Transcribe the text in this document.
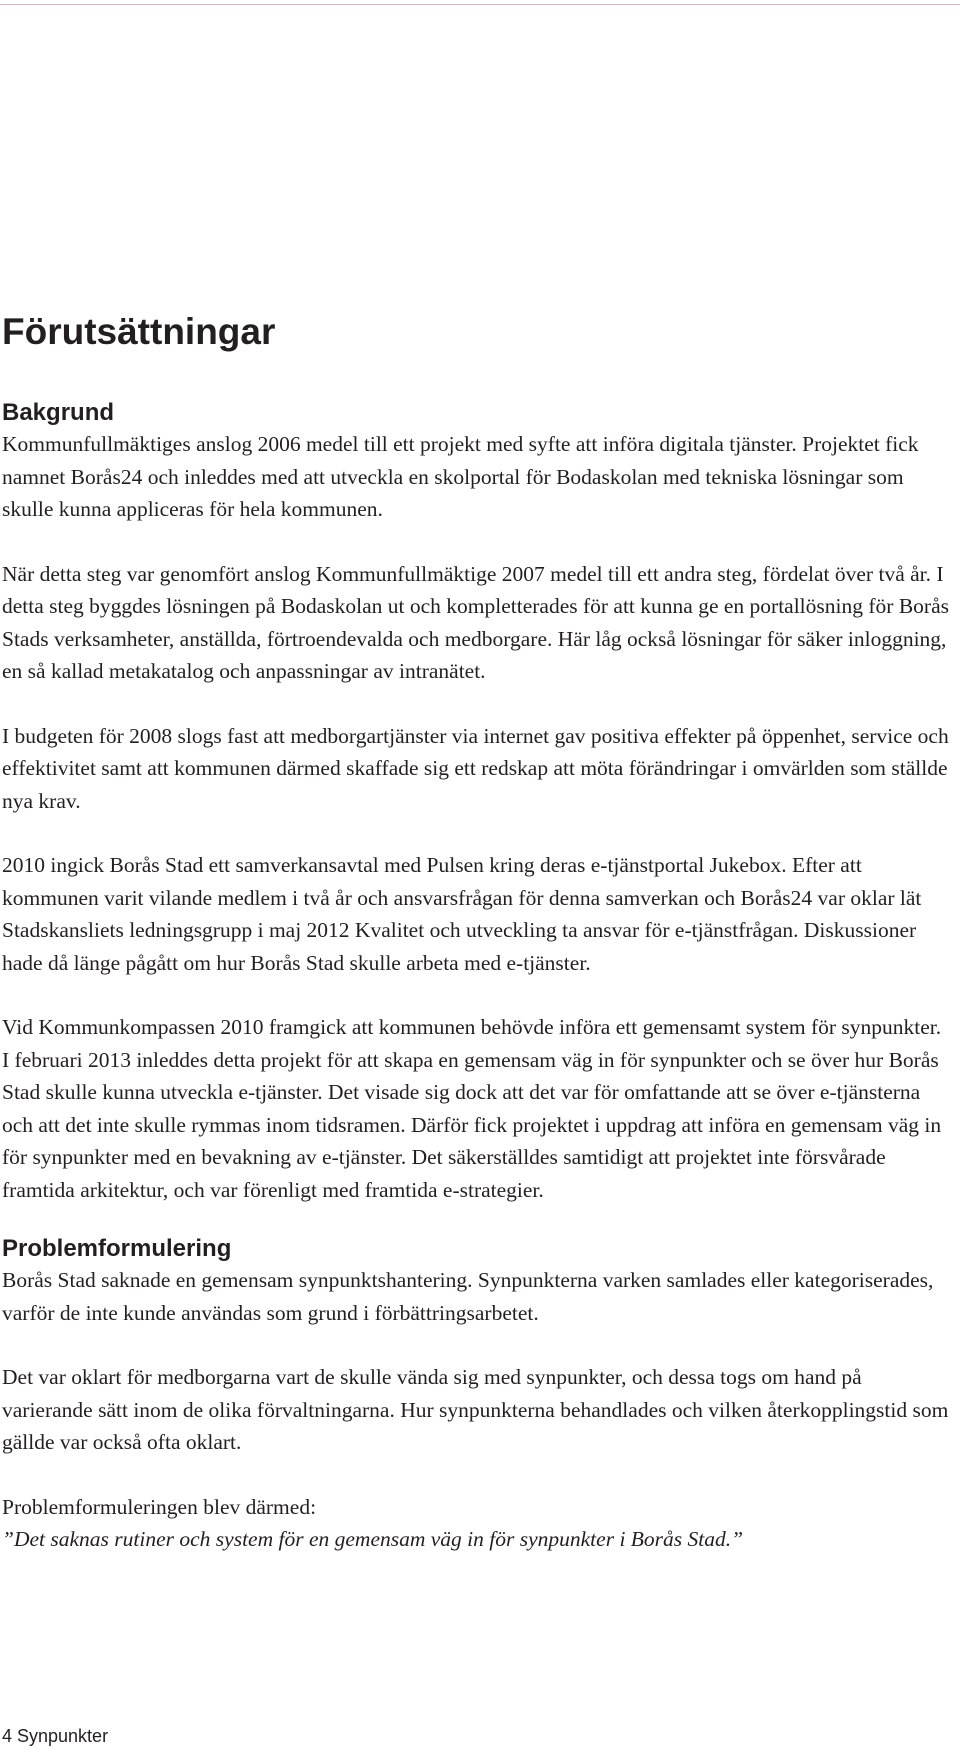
Förutsättningar
Bakgrund

Kommunfullmäktiges anslog 2006 medel till ett projekt med syfte att införa digitala tjänster. Projektet fick namnet Borås24 och inleddes med att utveckla en skolportal för Bodaskolan med tekniska lösningar som skulle kunna appliceras för hela kommunen.

När detta steg var genomfört anslog Kommunfullmäktige 2007 medel till ett andra steg, fördelat över två år. I detta steg byggdes lösningen på Bodaskolan ut och kompletterades för att kunna ge en portallösning för Borås Stads verksamheter, anställda, förtroendevalda och medborgare. Här låg också lösningar för säker inloggning, en så kallad metakatalog och anpassningar av intranätet.

I budgeten för 2008 slogs fast att medborgartjänster via internet gav positiva effekter på öppenhet, service och effektivitet samt att kommunen därmed skaffade sig ett redskap att möta förändringar i omvärlden som ställde nya krav.

2010 ingick Borås Stad ett samverkansavtal med Pulsen kring deras e-tjänstportal Jukebox. Efter att kommunen varit vilande medlem i två år och ansvarsfrågan för denna samverkan och Borås24 var oklar lät Stadskansliets ledningsgrupp i maj 2012 Kvalitet och utveckling ta ansvar för e-tjänstfrågan. Diskussioner hade då länge pågått om hur Borås Stad skulle arbeta med e-tjänster.

Vid Kommunkompassen 2010 framgick att kommunen behövde införa ett gemensamt system för synpunkter. I februari 2013 inleddes detta projekt för att skapa en gemensam väg in för synpunkter och se över hur Borås Stad skulle kunna utveckla e-tjänster. Det visade sig dock att det var för omfattande att se över e-tjänsterna och att det inte skulle rymmas inom tidsramen. Därför fick projektet i uppdrag att införa en gemensam väg in för synpunkter med en bevakning av e-tjänster. Det säkerställdes samtidigt att projektet inte försvårade framtida arkitektur, och var förenligt med framtida e-strategier.

Problemformulering

Borås Stad saknade en gemensam synpunktshantering. Synpunkterna varken samlades eller kategoriserades, varför de inte kunde användas som grund i förbättringsarbetet.

Det var oklart för medborgarna vart de skulle vända sig med synpunkter, och dessa togs om hand på varierande sätt inom de olika förvaltningarna. Hur synpunkterna behandlades och vilken återkopplingstid som gällde var också ofta oklart.

Problemformuleringen blev därmed:

”Det saknas rutiner och system för en gemensam väg in för synpunkter i Borås Stad.”

4 Synpunkter
